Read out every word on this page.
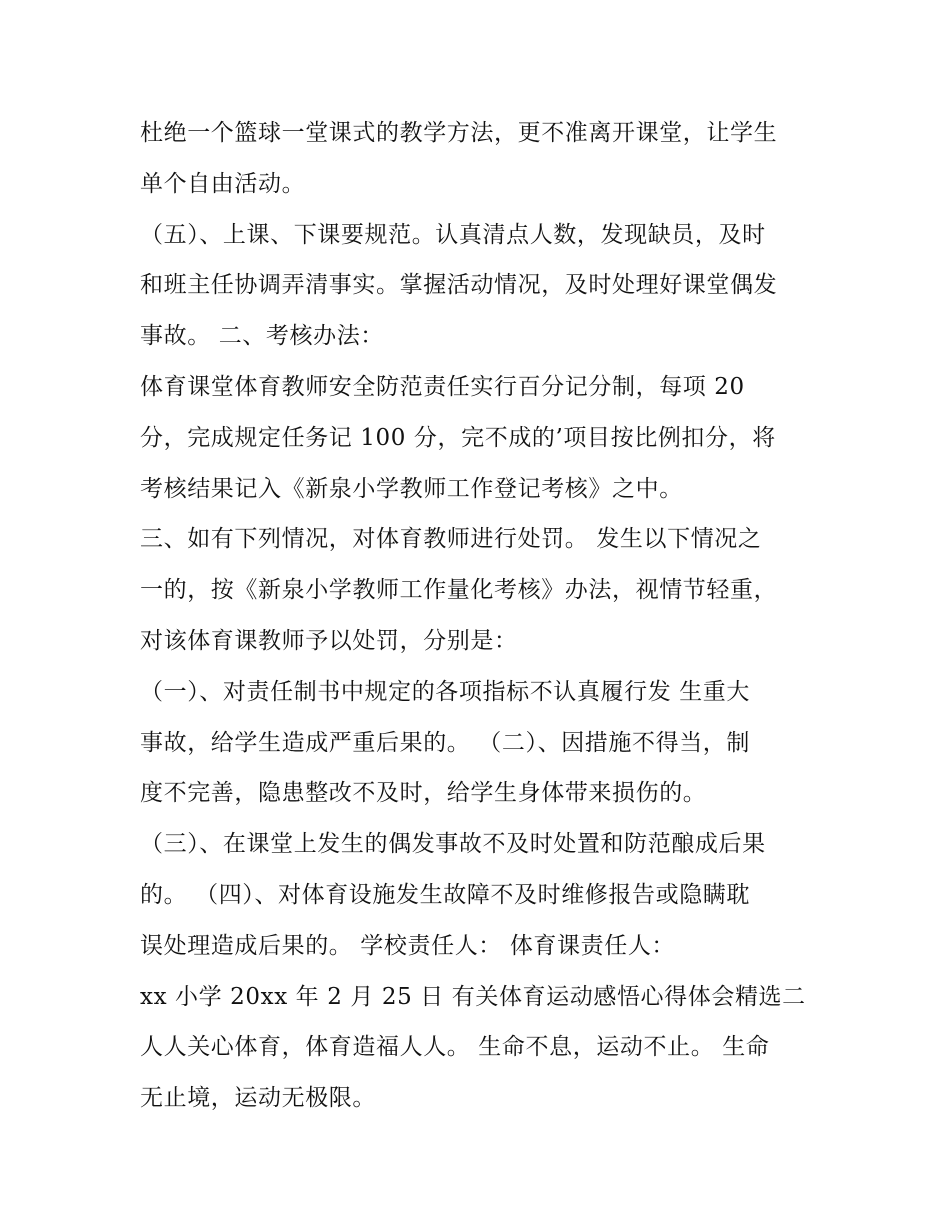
杜绝一个篮球一堂课式的教学方法，更不准离开课堂，让学生
单个自由活动。
（五）、上课、下课要规范。认真清点人数，发现缺员，及时
和班主任协调弄清事实。掌握活动情况，及时处理好课堂偶发
事故。 二、考核办法：
体育课堂体育教师安全防范责任实行百分记分制，每项 20
分，完成规定任务记 100 分，完不成的’项目按比例扣分，将
考核结果记入《新泉小学教师工作登记考核》之中。
三、如有下列情况，对体育教师进行处罚。 发生以下情况之
一的，按《新泉小学教师工作量化考核》办法，视情节轻重，
对该体育课教师予以处罚，分别是：
（一）、对责任制书中规定的各项指标不认真履行发 生重大
事故，给学生造成严重后果的。 （二）、因措施不得当，制
度不完善，隐患整改不及时，给学生身体带来损伤的。
（三）、在课堂上发生的偶发事故不及时处置和防范酿成后果
的。 （四）、对体育设施发生故障不及时维修报告或隐瞒耽
误处理造成后果的。 学校责任人： 体育课责任人：
xx 小学 20xx 年 2 月 25 日 有关体育运动感悟心得体会精选二
人人关心体育，体育造福人人。 生命不息，运动不止。 生命
无止境，运动无极限。
